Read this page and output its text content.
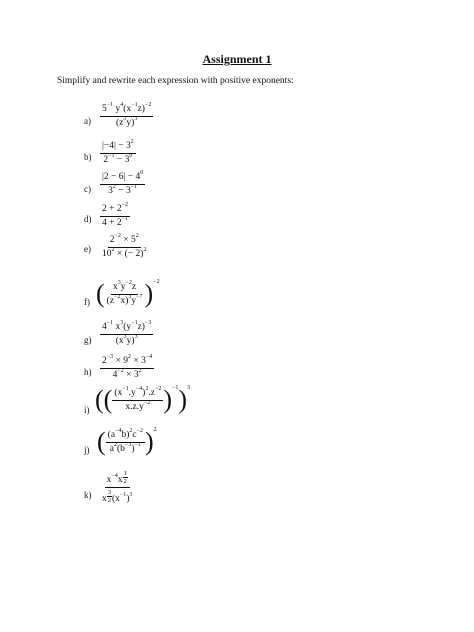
Assignment 1
Simplify and rewrite each expression with positive exponents:
$a) \frac{5^{-1} y^4(x^{-1}z)^{-2}}{(z^3y)^3}$
$b) \frac{|-4| - 3^2}{2^{-1} - 3^0}$
$c) \frac{|2 - 6| - 4^0}{3^2 - 3^{-1}}$
$d) \frac{2 + 2^{-2}}{4 + 2^{-1}}$
$e) \frac{2^{-2} \times 5^2}{10^2 \times (- 2)^2}$
f) ( $\frac{x^3y^{-2}z}{(z^{-2}x)^3y^{-7}} )^{-2}$
$g) \frac{4^{-1} x^3(y^{-1}z)^{-3}}{(x^3y)^3}$
$h) \frac{2^{-3} \times 9^2 \times 3^{-4}}{4^{-2} \times 3^2}$
i) (( $\frac{(x^{-1}.y^{-4})^2.z^{-2}}{x.z.y^{-2}} )^{-1})^3$
j) ( $\frac{(a^{-4}b)^2c^{-2}}{a^2(b^{-3})^{-1}} )^2$
k) $x^{-4}x$ $^{\frac{1}{2}}$
x $^{\frac{3}{2}}$ $(x^{-1})^3$
